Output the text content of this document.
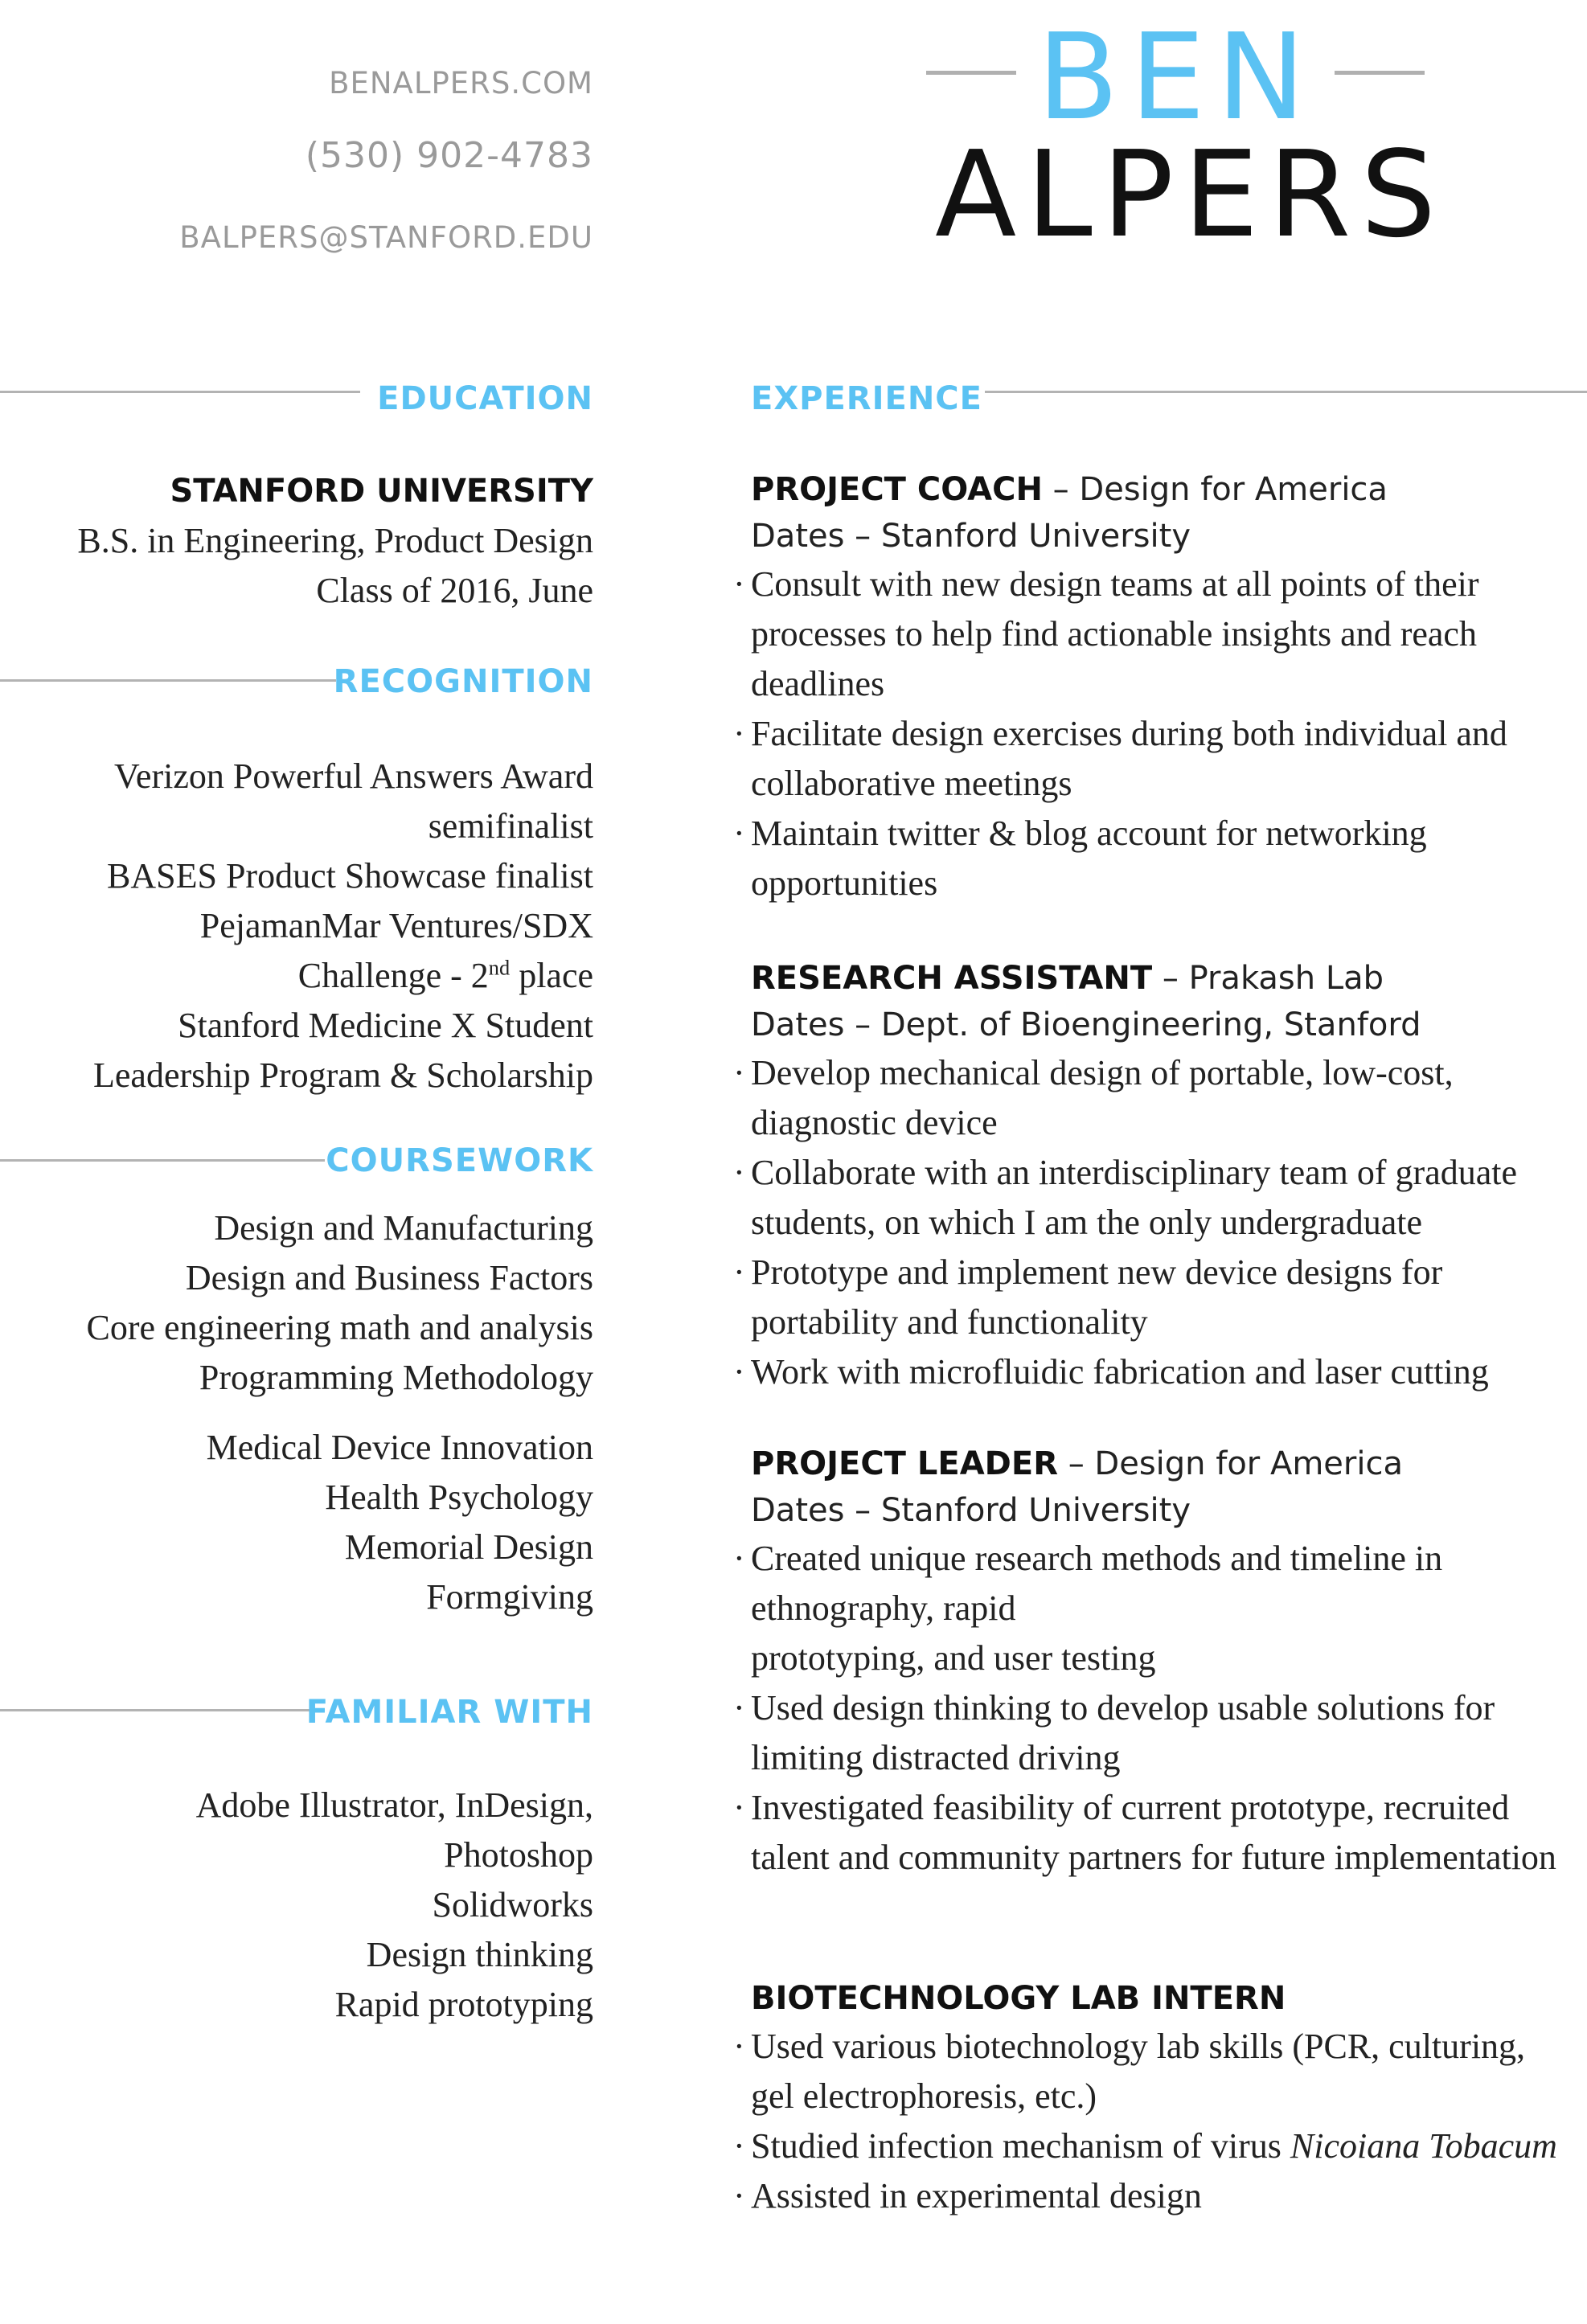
BENALPERS.COM
(530) 902-4783
BALPERS@STANFORD.EDU
BEN
ALPERS
EDUCATION
STANFORD UNIVERSITY
B.S. in Engineering, Product Design
Class of 2016, June
RECOGNITION
Verizon Powerful Answers Award
semifinalist
BASES Product Showcase finalist
PejamanMar Ventures/SDX
Challenge - 2nd place
Stanford Medicine X Student
Leadership Program & Scholarship
COURSEWORK
Design and Manufacturing
Design and Business Factors
Core engineering math and analysis
Programming Methodology
Medical Device Innovation
Health Psychology
Memorial Design
Formgiving
FAMILIAR WITH
Adobe Illustrator, InDesign,
Photoshop
Solidworks
Design thinking
Rapid prototyping
EXPERIENCE
PROJECT COACH – Design for America
Dates – Stanford University
· Consult with new design teams at all points of their processes to help find actionable insights and reach deadlines
· Facilitate design exercises during both individual and collaborative meetings
· Maintain twitter & blog account for networking opportunities
RESEARCH ASSISTANT – Prakash Lab
Dates – Dept. of Bioengineering, Stanford
· Develop mechanical design of portable, low-cost, diagnostic device
· Collaborate with an interdisciplinary team of graduate students, on which I am the only undergraduate
· Prototype and implement new device designs for portability and functionality
· Work with microfluidic fabrication and laser cutting
PROJECT LEADER – Design for America
Dates – Stanford University
· Created unique research methods and timeline in ethnography, rapid
prototyping, and user testing
· Used design thinking to develop usable solutions for limiting distracted driving
· Investigated feasibility of current prototype, recruited talent and community partners for future implementation
BIOTECHNOLOGY LAB INTERN
· Used various biotechnology lab skills (PCR, culturing, gel electrophoresis, etc.)
· Studied infection mechanism of virus Nicoiana Tobacum
· Assisted in experimental design
